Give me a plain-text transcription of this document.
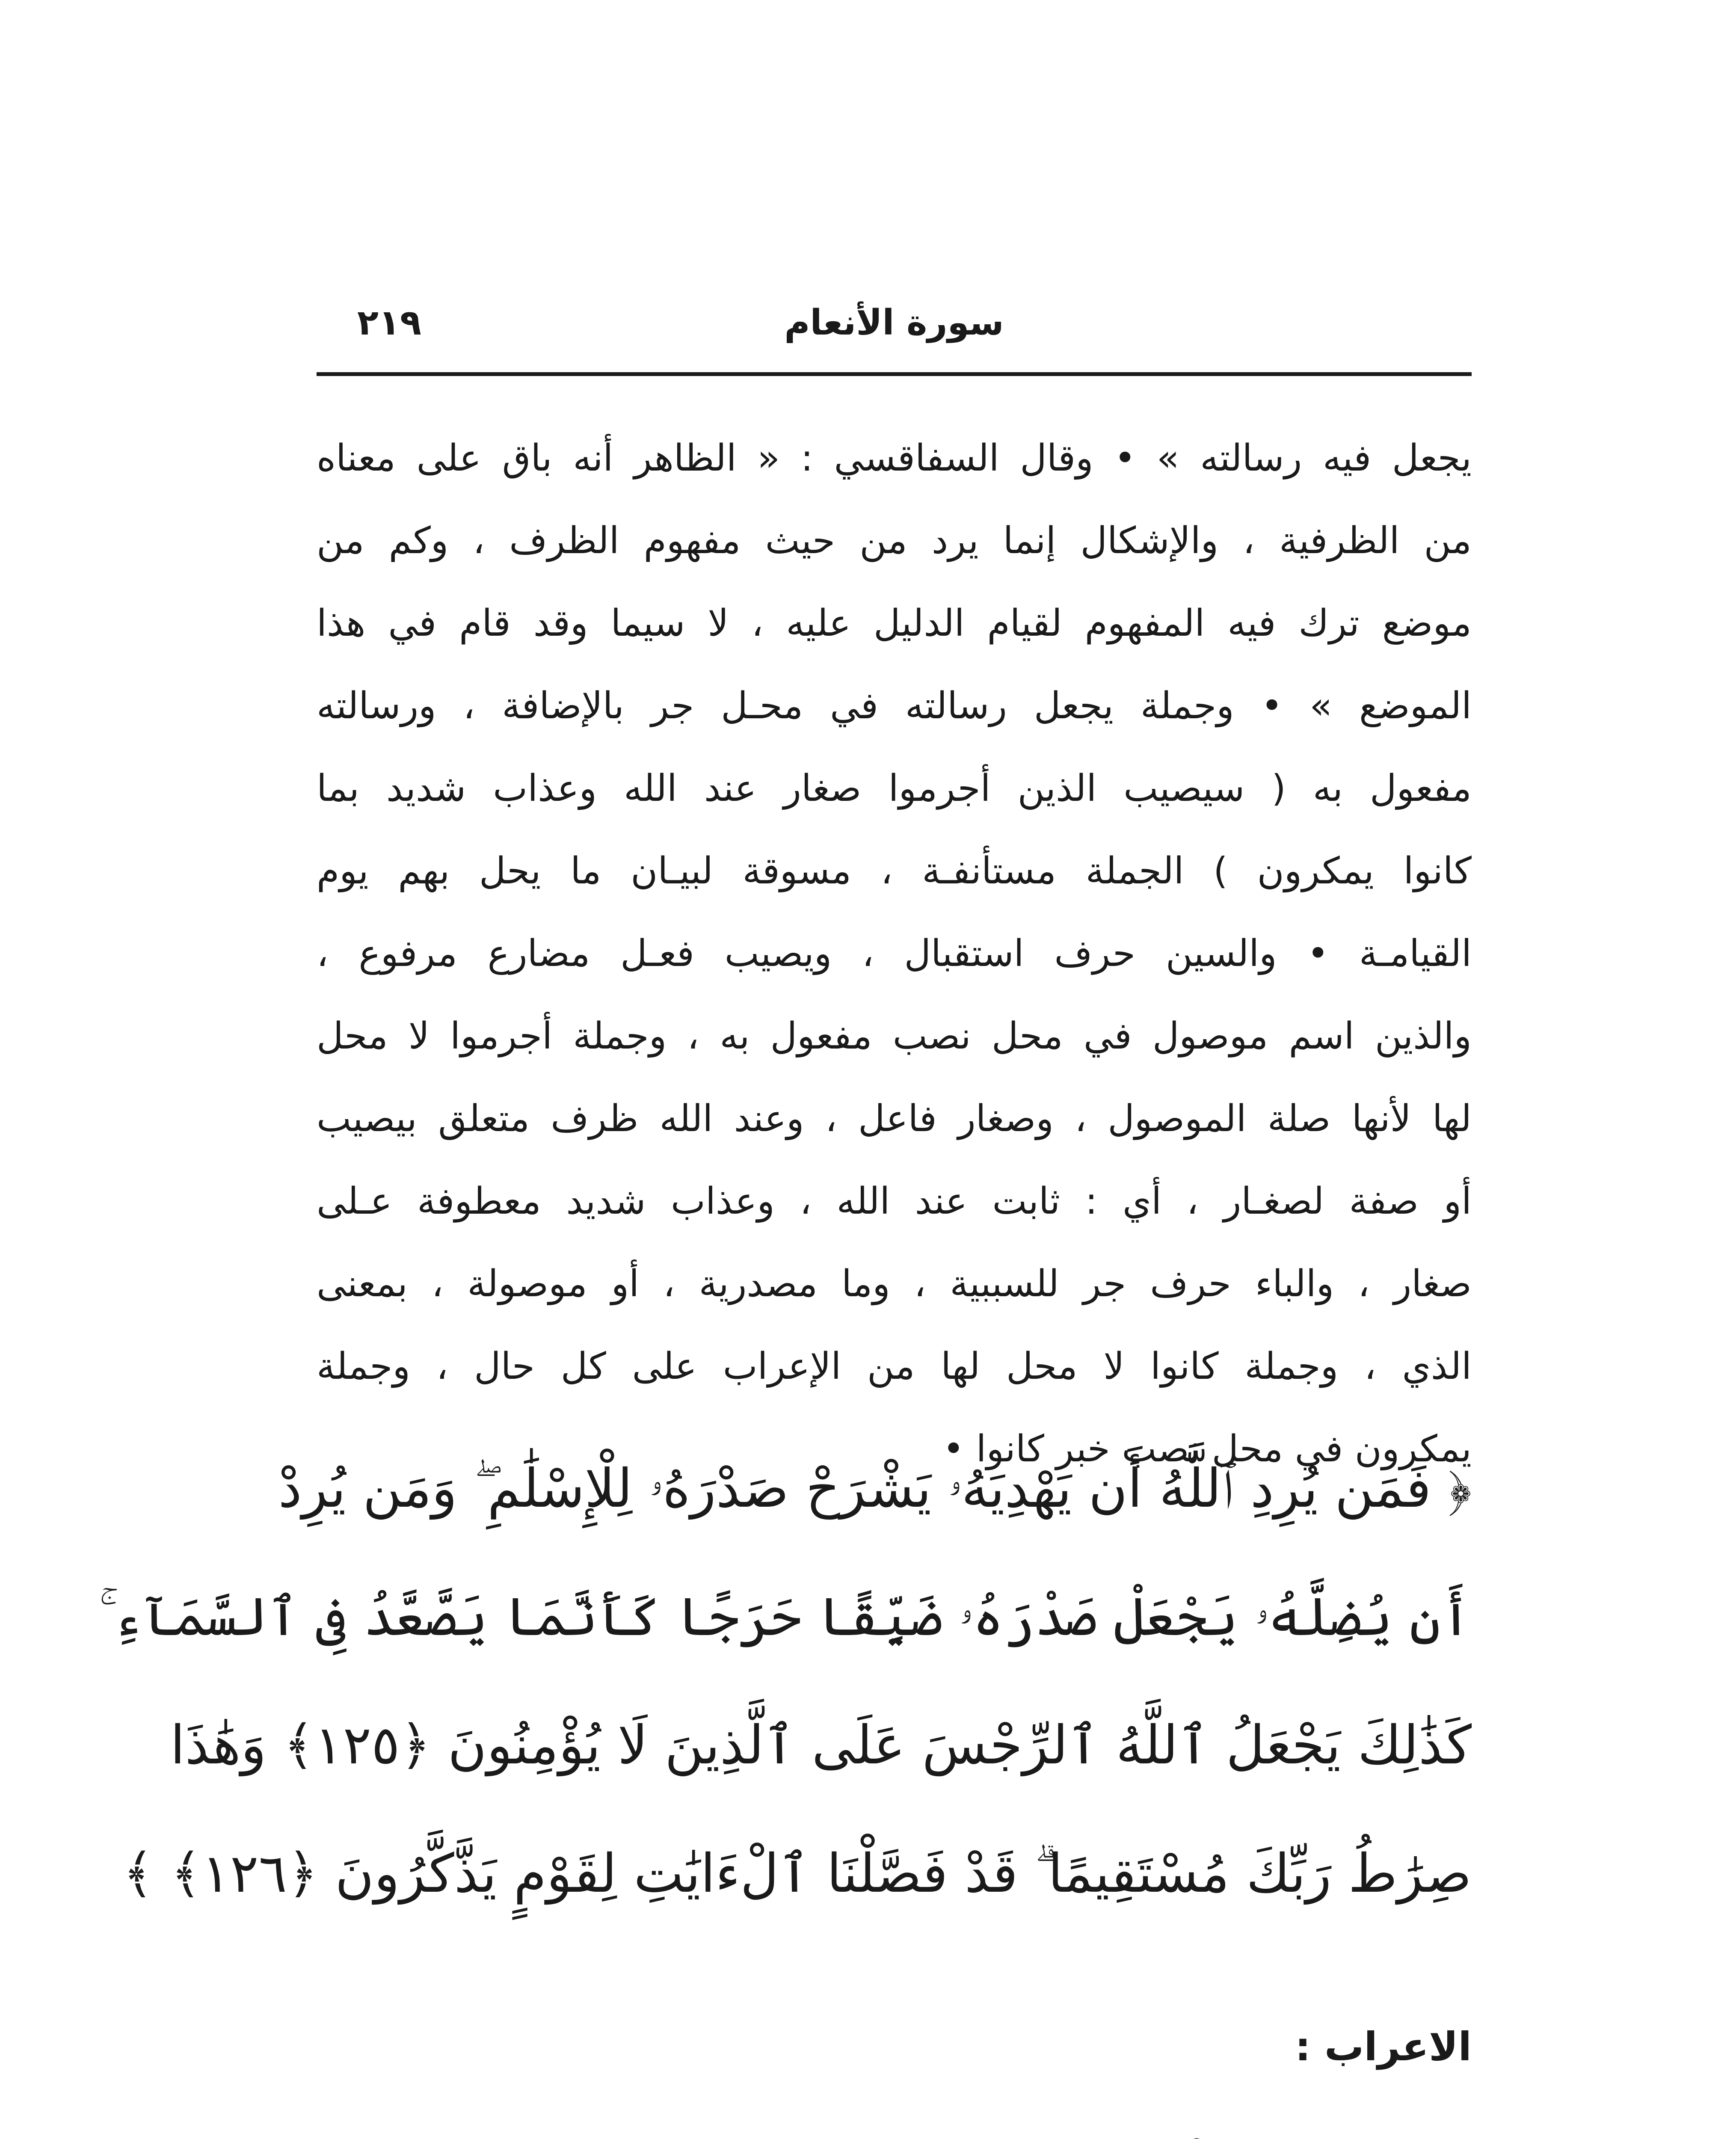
سورة الأنعام
٢١٩
يجعل فيه رسالته » • وقال السفاقسي : « الظاهر أنه باق على معناه
من الظرفية ، والإشكال إنما يرد من حيث مفهوم الظرف ، وكم من
موضع ترك فيه المفهوم لقيام الدليل عليه ، لا سيما وقد قام في هذا
الموضع » • وجملة يجعل رسالته في محـل جر بالإضافة ، ورسالته
مفعول به ( سيصيب الذين أجرموا صغار عند الله وعذاب شديد بما
كانوا يمكرون ) الجملة مستأنفـة ، مسوقة لبيـان ما يحل بهم يوم
القيامـة • والسين حرف استقبال ، ويصيب فعـل مضارع مرفوع ،
والذين اسم موصول في محل نصب مفعول به ، وجملة أجرموا لا محل
لها لأنها صلة الموصول ، وصغار فاعل ، وعند الله ظرف متعلق بيصيب
أو صفة لصغـار ، أي : ثابت عند الله ، وعذاب شديد معطوفة عـلى
صغار ، والباء حرف جر للسببية ، وما مصدرية ، أو موصولة ، بمعنى
الذي ، وجملة كانوا لا محل لها من الإعراب على كل حال ، وجملة
يمكرون في محل نصب خبر كانوا •
﴿ فَمَن يُرِدِ ٱللَّهُ أَن يَهْدِيَهُۥ يَشْرَحْ صَدْرَهُۥ لِلْإِسْلَٰمِ ۖ وَمَن يُرِدْ
أَن يُضِلَّهُۥ يَجْعَلْ صَدْرَهُۥ ضَيِّقًا حَرَجًا كَأَنَّمَا يَصَّعَّدُ فِى ٱلسَّمَآءِ ۚ
كَذَٰلِكَ يَجْعَلُ ٱللَّهُ ٱلرِّجْسَ عَلَى ٱلَّذِينَ لَا يُؤْمِنُونَ ﴿١٢٥﴾ وَهَٰذَا
صِرَٰطُ رَبِّكَ مُسْتَقِيمًا ۗ قَدْ فَصَّلْنَا ٱلْءَايَٰتِ لِقَوْمٍ يَذَّكَّرُونَ ﴿١٢٦﴾ ﴾
الاعراب :
